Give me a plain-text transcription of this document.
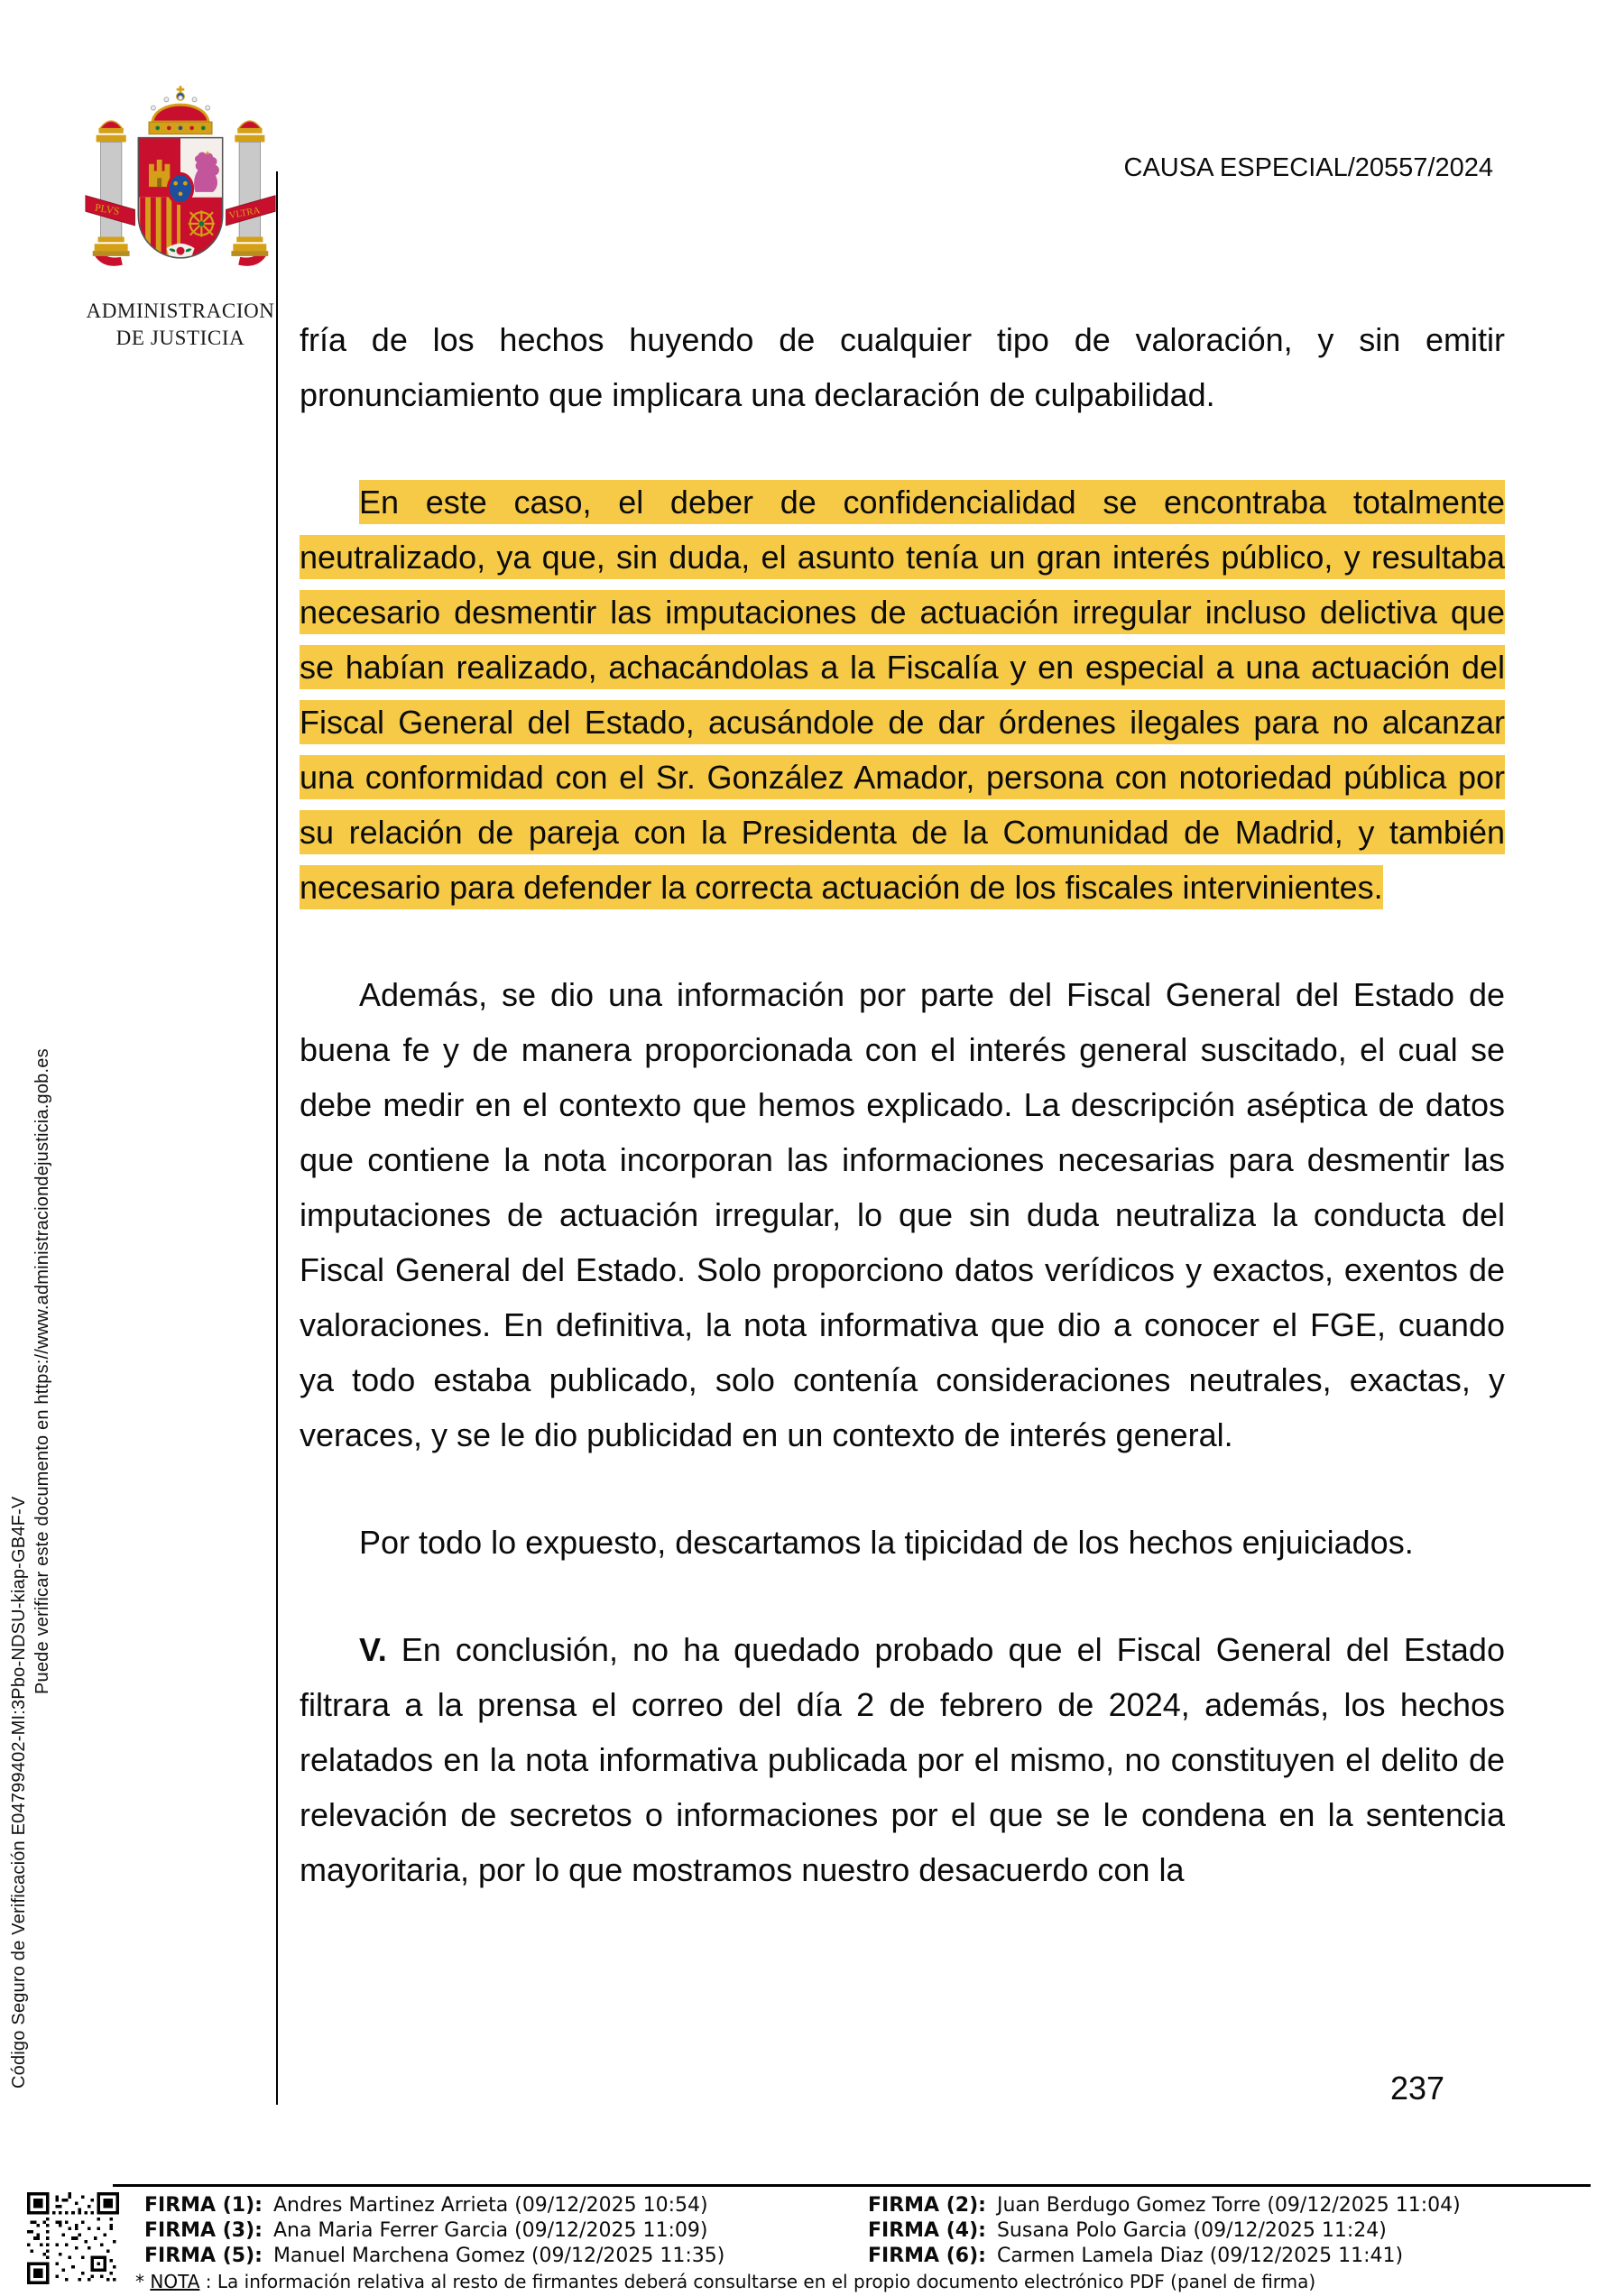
Código Seguro de Verificación E04799402-MI:3Pbo-NDSU-kiap-GB4F-V
Puede verificar este documento en https://www.administraciondejusticia.gob.es
PLVS	VLTRA
ADMINISTRACION
DE JUSTICIA
CAUSA ESPECIAL/20557/2024

fría de los hechos huyendo de cualquier tipo de valoración, y sin emitir pronunciamiento que implicara una declaración de culpabilidad.

En este caso, el deber de confidencialidad se encontraba totalmente neutralizado, ya que, sin duda, el asunto tenía un gran interés público, y resultaba necesario desmentir las imputaciones de actuación irregular incluso delictiva que se habían realizado, achacándolas a la Fiscalía y en especial a una actuación del Fiscal General del Estado, acusándole de dar órdenes ilegales para no alcanzar una conformidad con el Sr. González Amador, persona con notoriedad pública por su relación de pareja con la Presidenta de la Comunidad de Madrid, y también necesario para defender la correcta actuación de los fiscales intervinientes.

Además, se dio una información por parte del Fiscal General del Estado de buena fe y de manera proporcionada con el interés general suscitado, el cual se debe medir en el contexto que hemos explicado. La descripción aséptica de datos que contiene la nota incorporan las informaciones necesarias para desmentir las imputaciones de actuación irregular, lo que sin duda neutraliza la conducta del Fiscal General del Estado. Solo proporciono datos verídicos y exactos, exentos de valoraciones. En definitiva, la nota informativa que dio a conocer el FGE, cuando ya todo estaba publicado, solo contenía consideraciones neutrales, exactas, y veraces, y se le dio publicidad en un contexto de interés general.

Por todo lo expuesto, descartamos la tipicidad de los hechos enjuiciados.

V. En conclusión, no ha quedado probado que el Fiscal General del Estado filtrara a la prensa el correo del día 2 de febrero de 2024, además, los hechos relatados en la nota informativa publicada por el mismo, no constituyen el delito de relevación de secretos o informaciones por el que se le condena en la sentencia mayoritaria, por lo que mostramos nuestro desacuerdo con la

237
FIRMA (1): Andres Martinez Arrieta (09/12/2025 10:54)	FIRMA (2): Juan Berdugo Gomez Torre (09/12/2025 11:04)
FIRMA (3): Ana Maria Ferrer Garcia (09/12/2025 11:09)	FIRMA (4): Susana Polo Garcia (09/12/2025 11:24)
FIRMA (5): Manuel Marchena Gomez (09/12/2025 11:35)	FIRMA (6): Carmen Lamela Diaz (09/12/2025 11:41)
* NOTA : La información relativa al resto de firmantes deberá consultarse en el propio documento electrónico PDF (panel de firma)
